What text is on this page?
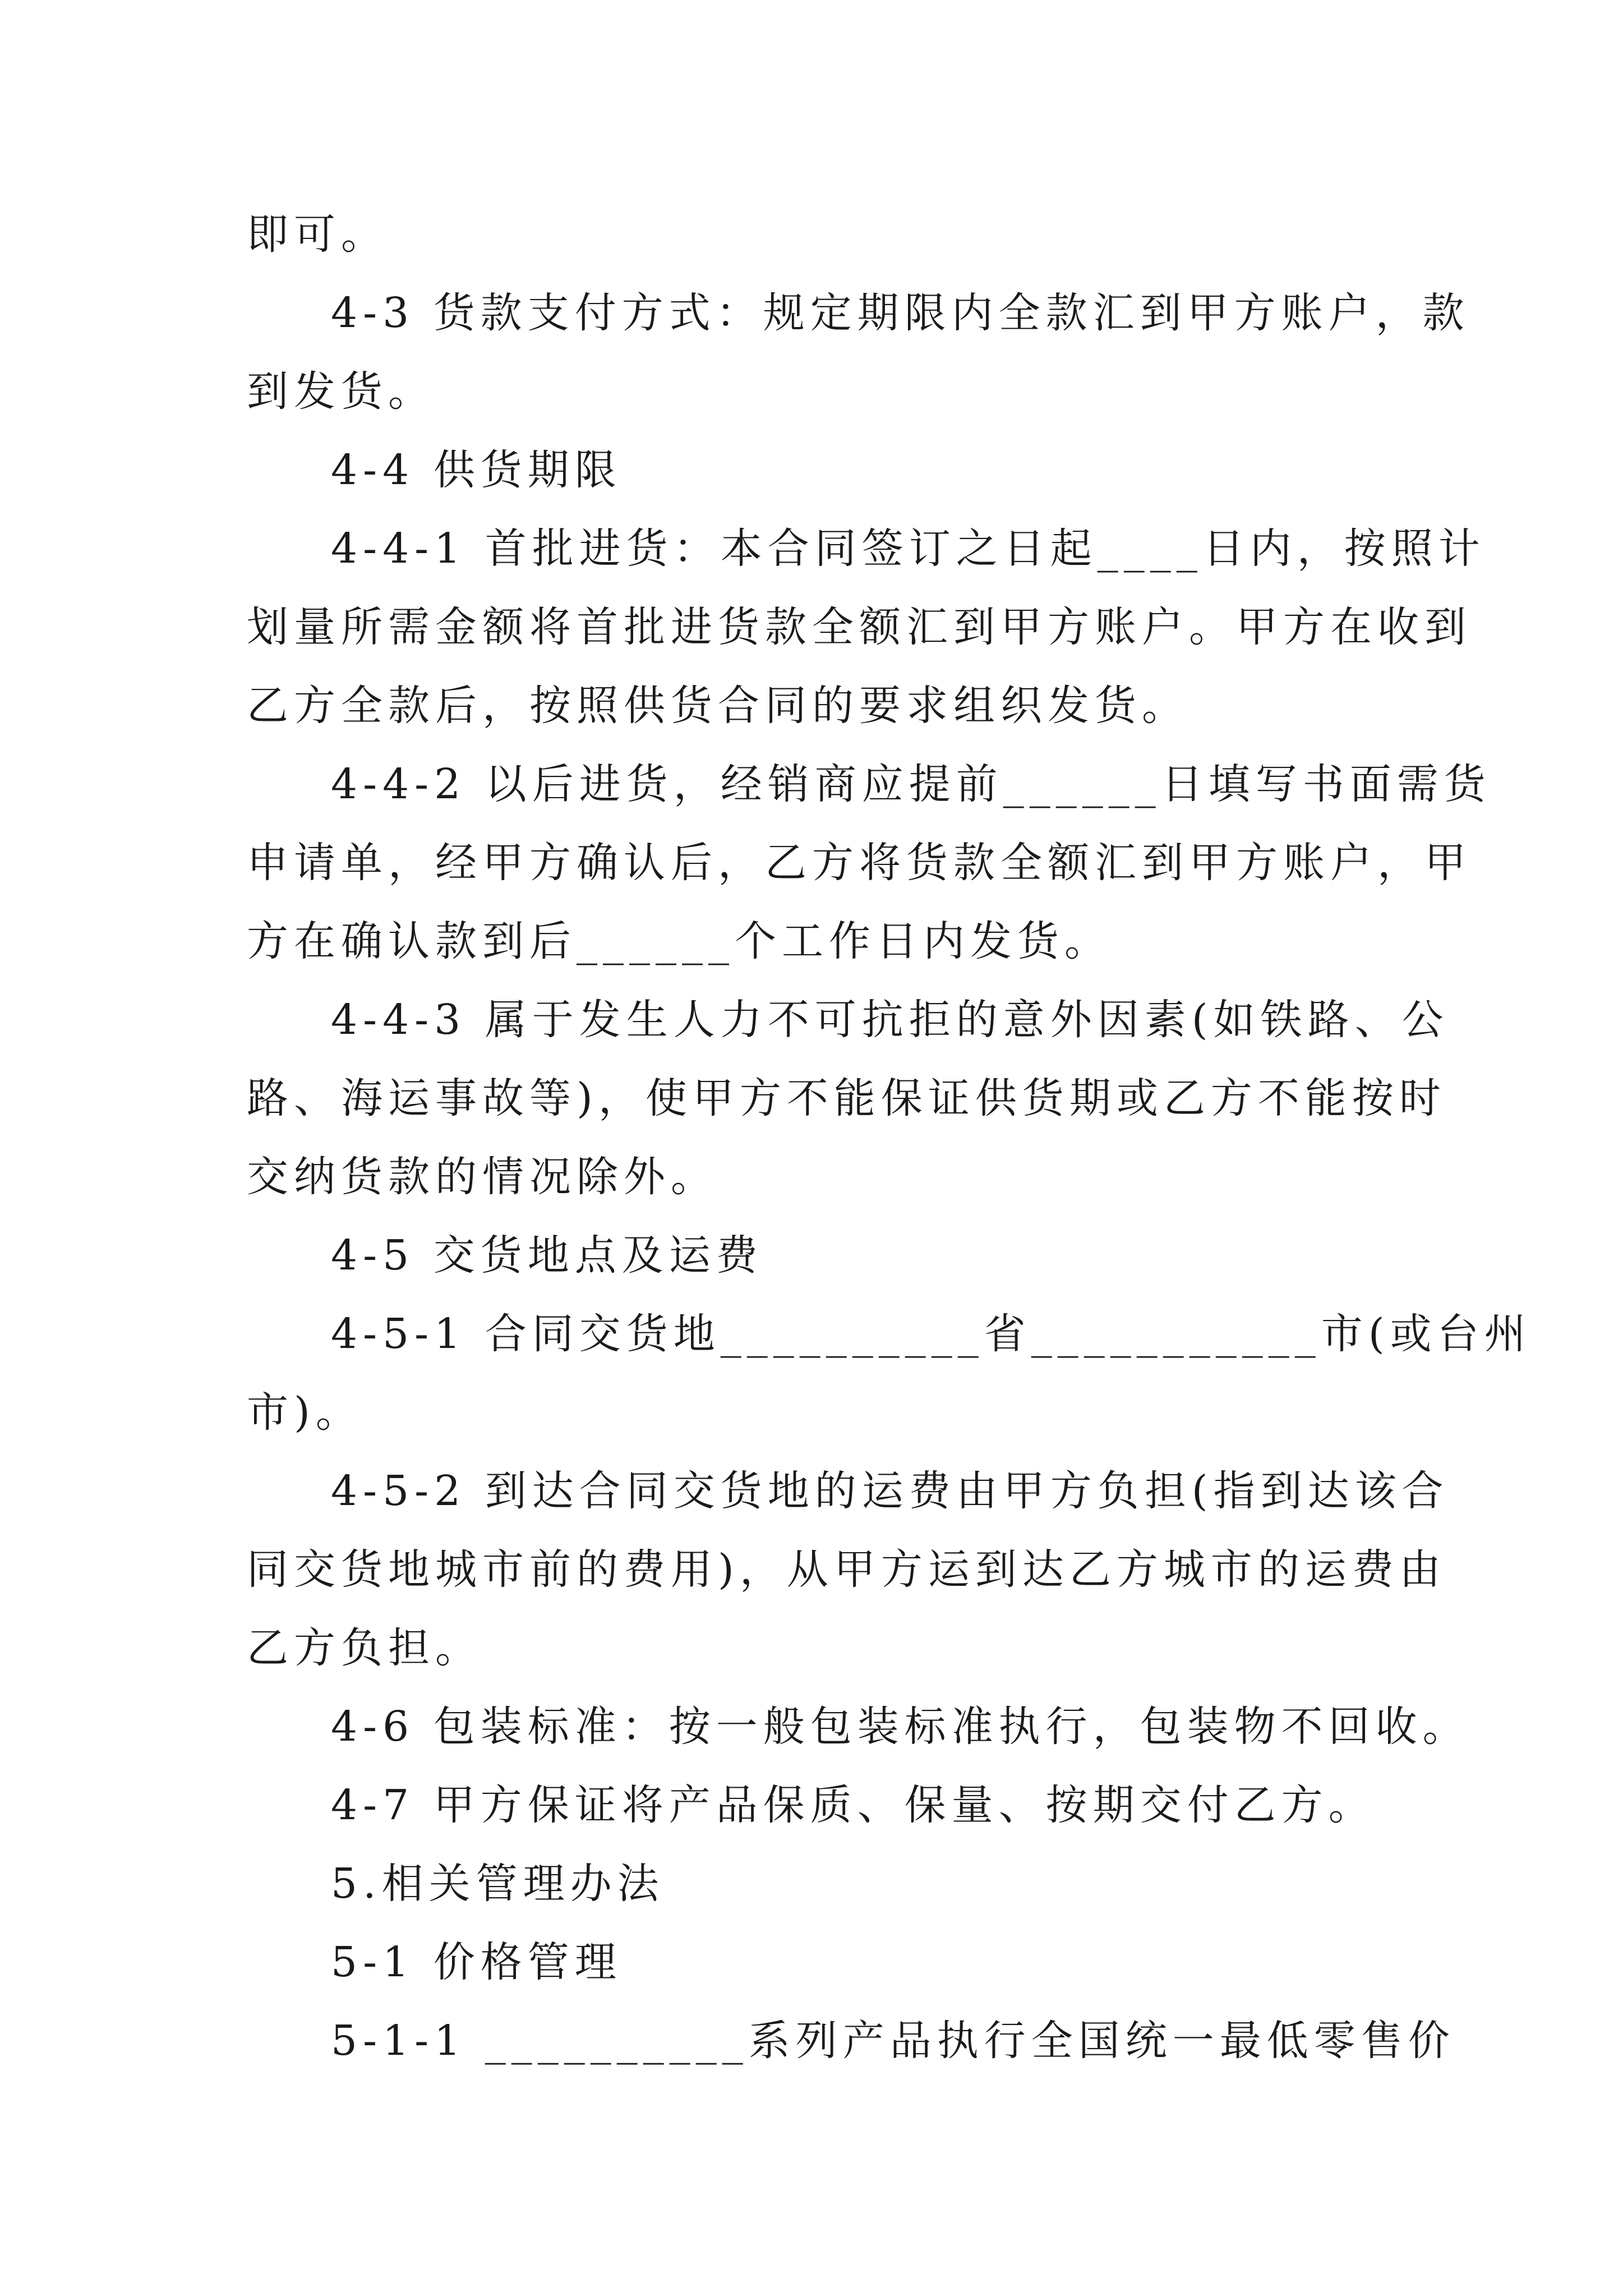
即可。
4-3 货款支付方式：规定期限内全款汇到甲方账户，款
到发货。
4-4 供货期限
4-4-1 首批进货：本合同签订之日起____日内，按照计
划量所需金额将首批进货款全额汇到甲方账户。甲方在收到
乙方全款后，按照供货合同的要求组织发货。
4-4-2 以后进货，经销商应提前______日填写书面需货
申请单，经甲方确认后，乙方将货款全额汇到甲方账户，甲
方在确认款到后______个工作日内发货。
4-4-3 属于发生人力不可抗拒的意外因素(如铁路、公
路、海运事故等)，使甲方不能保证供货期或乙方不能按时
交纳货款的情况除外。
4-5 交货地点及运费
4-5-1 合同交货地__________省___________市(或台州
市)。
4-5-2 到达合同交货地的运费由甲方负担(指到达该合
同交货地城市前的费用)，从甲方运到达乙方城市的运费由
乙方负担。
4-6 包装标准：按一般包装标准执行，包装物不回收。
4-7 甲方保证将产品保质、保量、按期交付乙方。
5.相关管理办法
5-1 价格管理
5-1-1 __________系列产品执行全国统一最低零售价
